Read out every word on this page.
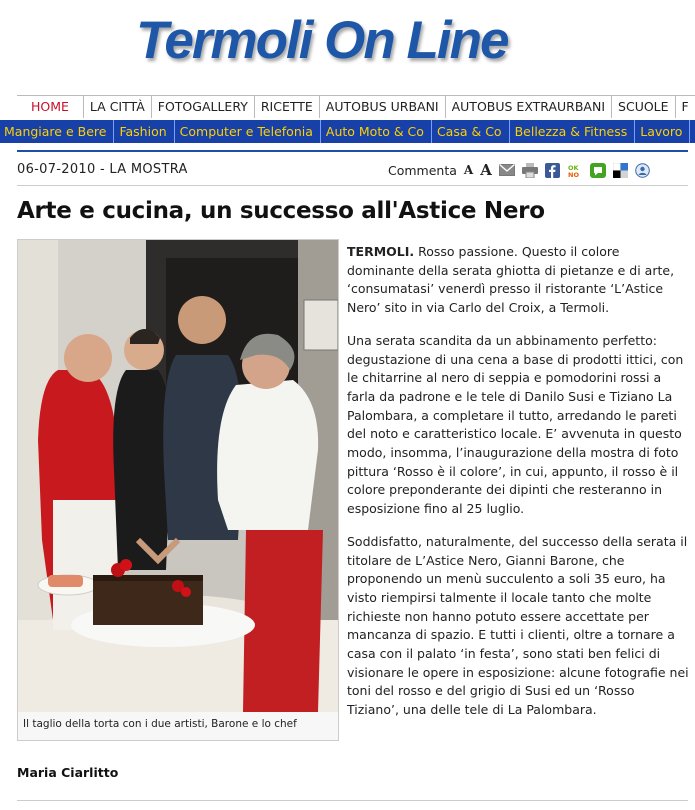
Termoli On Line
HOME LA CITTÀ FOTOGALLERY RICETTE AUTOBUS URBANI AUTOBUS EXTRAURBANI SCUOLE F
Mangiare e Bere Fashion Computer e Telefonia Auto Moto & Co Casa & Co Bellezza & Fitness Lavoro
06-07-2010 - LA MOSTRA	Commenta A A	OK
NO
Arte e cucina, un successo all'Astice Nero
Il taglio della torta con i due artisti, Barone e lo chef

TERMOLI. Rosso passione. Questo il colore dominante della serata ghiotta di pietanze e di arte, ‘consumatasi’ venerdì presso il ristorante ‘L’Astice Nero’ sito in via Carlo del Croix, a Termoli.

Una serata scandita da un abbinamento perfetto: degustazione di una cena a base di prodotti ittici, con le chitarrine al nero di seppia e pomodorini rossi a farla da padrone e le tele di Danilo Susi e Tiziano La Palombara, a completare il tutto, arredando le pareti del noto e caratteristico locale. E’ avvenuta in questo modo, insomma, l’inaugurazione della mostra di foto pittura ‘Rosso è il colore’, in cui, appunto, il rosso è il colore preponderante dei dipinti che resteranno in esposizione fino al 25 luglio.

Soddisfatto, naturalmente, del successo della serata il titolare de L’Astice Nero, Gianni Barone, che proponendo un menù succulento a soli 35 euro, ha visto riempirsi talmente il locale tanto che molte richieste non hanno potuto essere accettate per mancanza di spazio. E tutti i clienti, oltre a tornare a casa con il palato ‘in festa’, sono stati ben felici di visionare le opere in esposizione: alcune fotografie nei toni del rosso e del grigio di Susi ed un ‘Rosso Tiziano’, una delle tele di La Palombara.

Maria Ciarlitto
